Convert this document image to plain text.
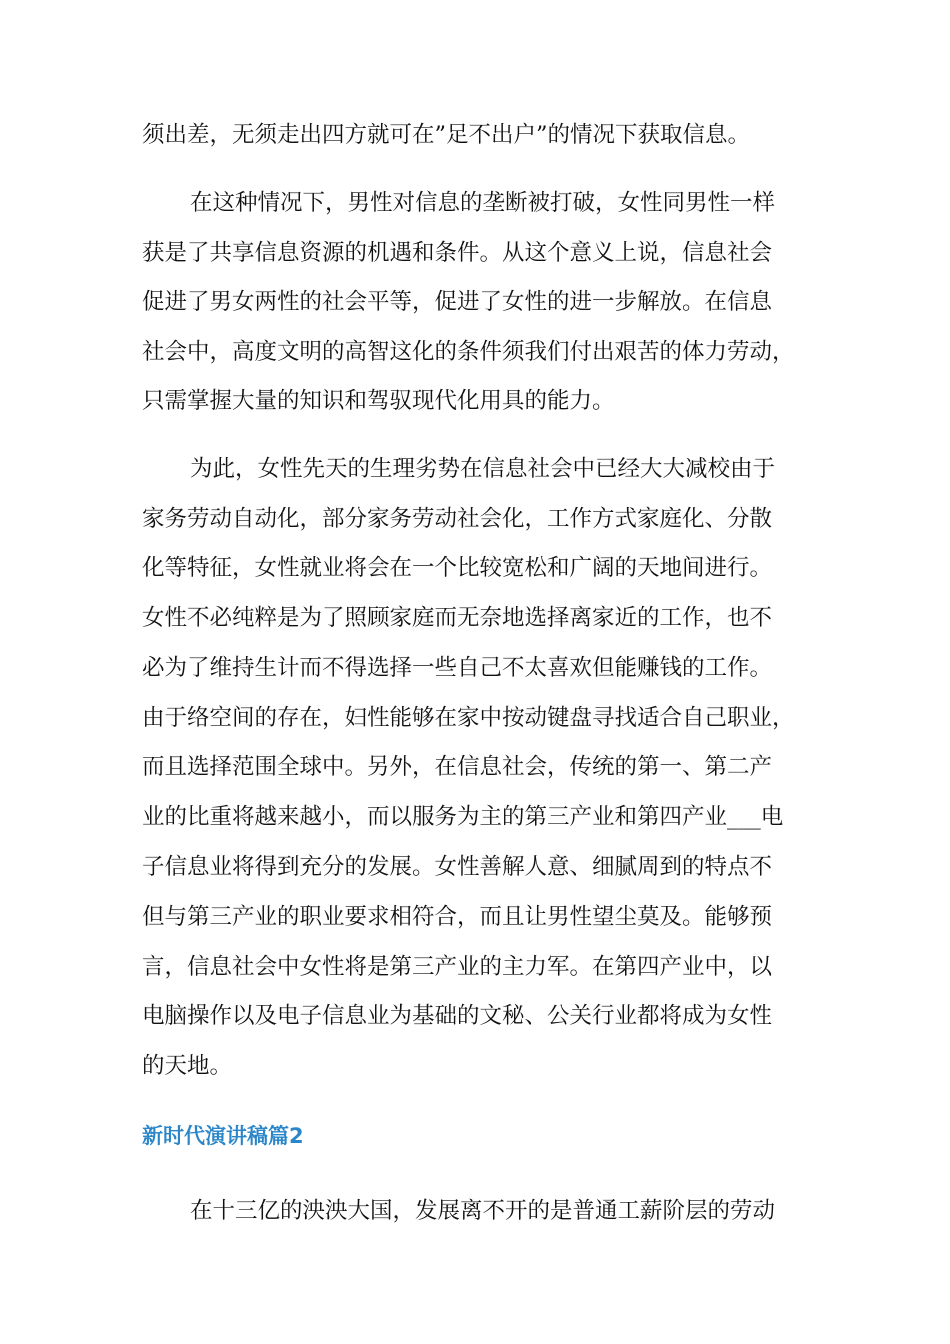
须出差，无须走出四方就可在”足不出户”的情况下获取信息。

在这种情况下，男性对信息的垄断被打破，女性同男性一样

获是了共享信息资源的机遇和条件。从这个意义上说，信息社会

促进了男女两性的社会平等，促进了女性的进一步解放。在信息

社会中，高度文明的高智这化的条件须我们付出艰苦的体力劳动，

只需掌握大量的知识和驾驭现代化用具的能力。

为此，女性先天的生理劣势在信息社会中已经大大减校由于

家务劳动自动化，部分家务劳动社会化，工作方式家庭化、分散

化等特征，女性就业将会在一个比较宽松和广阔的天地间进行。

女性不必纯粹是为了照顾家庭而无奈地选择离家近的工作，也不

必为了维持生计而不得选择一些自己不太喜欢但能赚钱的工作。

由于络空间的存在，妇性能够在家中按动键盘寻找适合自己职业，

而且选择范围全球中。另外，在信息社会，传统的第一、第二产

业的比重将越来越小，而以服务为主的第三产业和第四产业___电

子信息业将得到充分的发展。女性善解人意、细腻周到的特点不

但与第三产业的职业要求相符合，而且让男性望尘莫及。能够预

言，信息社会中女性将是第三产业的主力军。在第四产业中，以

电脑操作以及电子信息业为基础的文秘、公关行业都将成为女性

的天地。

新时代演讲稿篇2

在十三亿的泱泱大国，发展离不开的是普通工薪阶层的劳动
